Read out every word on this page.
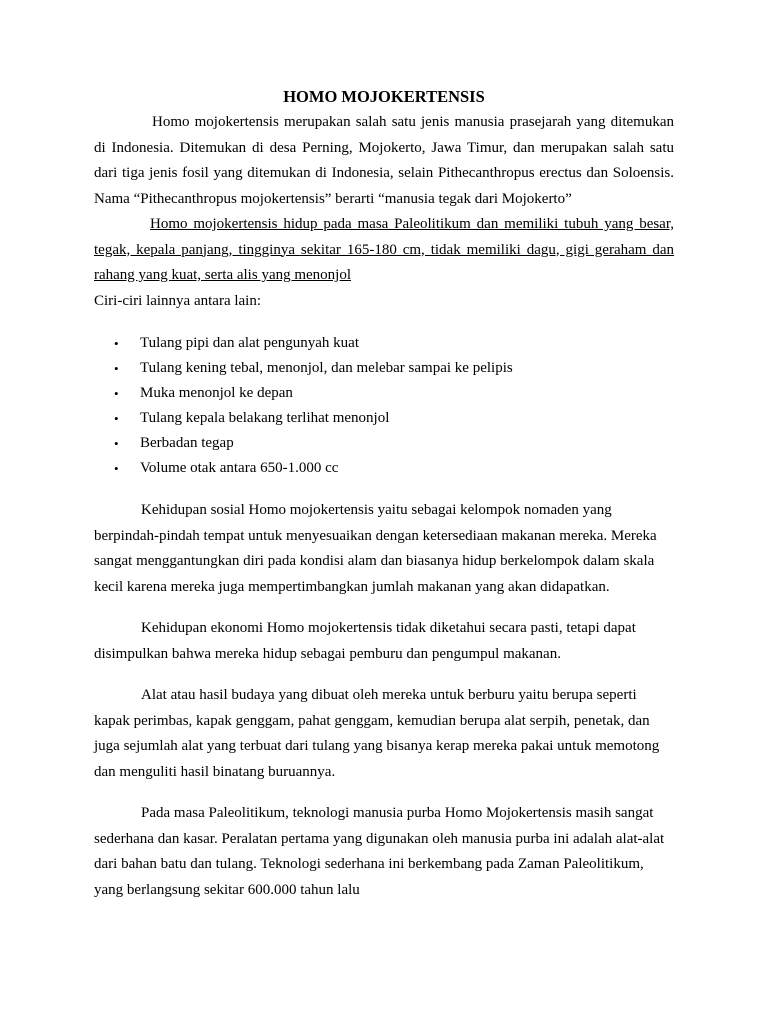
HOMO MOJOKERTENSIS

Homo mojokertensis merupakan salah satu jenis manusia prasejarah yang ditemukan di Indonesia. Ditemukan di desa Perning, Mojokerto, Jawa Timur, dan merupakan salah satu dari tiga jenis fosil yang ditemukan di Indonesia, selain Pithecanthropus erectus dan Soloensis. Nama “Pithecanthropus mojokertensis” berarti “manusia tegak dari Mojokerto”

Homo mojokertensis hidup pada masa Paleolitikum dan memiliki tubuh yang besar, tegak, kepala panjang, tingginya sekitar 165-180 cm, tidak memiliki dagu, gigi geraham dan rahang yang kuat, serta alis yang menonjol

Ciri-ciri lainnya antara lain:

• Tulang pipi dan alat pengunyah kuat
• Tulang kening tebal, menonjol, dan melebar sampai ke pelipis
• Muka menonjol ke depan
• Tulang kepala belakang terlihat menonjol
• Berbadan tegap
• Volume otak antara 650-1.000 cc

Kehidupan sosial Homo mojokertensis yaitu sebagai kelompok nomaden yang berpindah-pindah tempat untuk menyesuaikan dengan ketersediaan makanan mereka. Mereka sangat menggantungkan diri pada kondisi alam dan biasanya hidup berkelompok dalam skala kecil karena mereka juga mempertimbangkan jumlah makanan yang akan didapatkan.

Kehidupan ekonomi Homo mojokertensis tidak diketahui secara pasti, tetapi dapat disimpulkan bahwa mereka hidup sebagai pemburu dan pengumpul makanan.

Alat atau hasil budaya yang dibuat oleh mereka untuk berburu yaitu berupa seperti kapak perimbas, kapak genggam, pahat genggam, kemudian berupa alat serpih, penetak, dan juga sejumlah alat yang terbuat dari tulang yang bisanya kerap mereka pakai untuk memotong dan menguliti hasil binatang buruannya.

Pada masa Paleolitikum, teknologi manusia purba Homo Mojokertensis masih sangat sederhana dan kasar. Peralatan pertama yang digunakan oleh manusia purba ini adalah alat-alat dari bahan batu dan tulang. Teknologi sederhana ini berkembang pada Zaman Paleolitikum, yang berlangsung sekitar 600.000 tahun lalu
